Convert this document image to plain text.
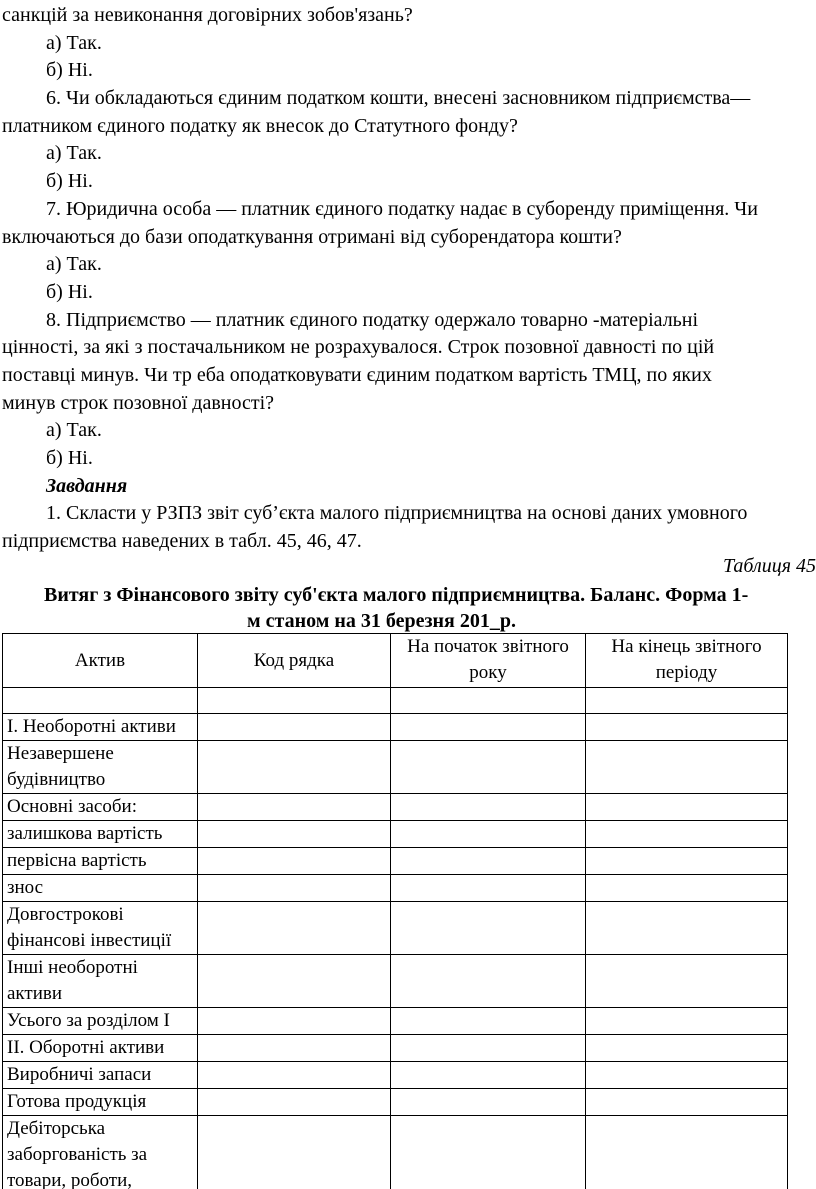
санкцій за невиконання договірних зобов'язань?
а) Так.
б) Ні.
6. Чи обкладаються єдиним податком кошти, внесені засновником підприємства—
платником єдиного податку як внесок до Статутного фонду?
а) Так.
б) Ні.
7. Юридична особа — платник єдиного податку надає в суборенду приміщення. Чи
включаються до бази оподаткування отримані від суборендатора кошти?
а) Так.
б) Ні.
8. Підприємство — платник єдиного податку одержало товарно -матеріальні
цінності, за які з постачальником не розрахувалося. Строк позовної давності по цій
поставці минув. Чи тр еба оподатковувати єдиним податком вартість ТМЦ, по яких
минув строк позовної давності?
а) Так.
б) Ні.
Завдання
1. Скласти у РЗПЗ звіт суб’єкта малого підприємництва на основі даних умовного
підприємства наведених в табл. 45, 46, 47.
Таблиця 45
Витяг з Фінансового звіту суб'єкта малого підприємництва. Баланс. Форма 1-
м станом на 31 березня 201_р.
Актив	Код рядка	На початок звітного року	На кінець звітного періоду

І. Необоротні активи			
Незавершене будівництво			
Основні засоби:			
залишкова вартість			
первісна вартість			
знос			
Довгострокові фінансові інвестиції			
Інші необоротні активи			
Усього за розділом І			
ІІ. Оборотні активи			
Виробничі запаси			
Готова продукція			
Дебіторська заборгованість за товари, роботи,			
